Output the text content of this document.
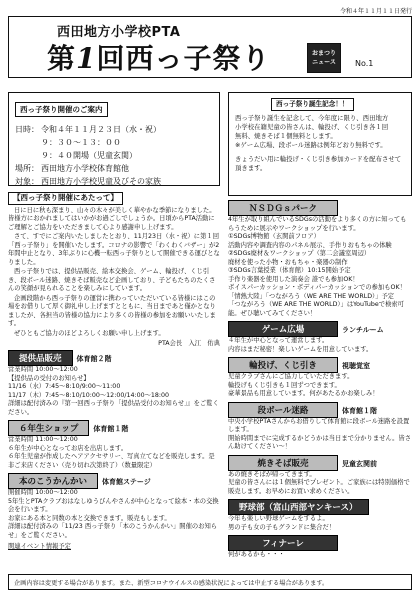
令和４年１１月１１日発行
西田地方小学校PTA
第1回西っ子祭り	おまつり
ニュース	No.1
西っ子祭り開催のご案内
日時： 令和４年１１月２３日（水・祝）
９：３０～１３：００
９：４０開場（児童玄関）
場所： 西田地方小学校体育館他
対象： 西田地方小学校児童及びその家族
西っ子祭り誕生記念！！
西っ子祭り誕生を記念して、今年度に限り、西田地方
小学校在籍児童の皆さんは、輪投げ、くじ引き各１回
無料、焼きそば１個無料とします。
※ゲーム広場、段ボール迷路は例年どおり無料です。
きょうだい用に輪投げ・くじ引き参加カードを配布させて
頂きます。
【西っ子祭り開催にあたって】

日に日に秋も深まり、山々の木々が美しく華やかな季節になりました。皆様方におかれましてはいかがお過ごしでしょうか。日頃からPTA活動にご理解とご協力をいただきまして心より感謝申し上げます。

さて、すでにご案内いたしましたとおり、11月23日（水・祝）に第１回「西っ子祭り」を開催いたします。コロナの影響で「わくわくバザー」が2年間中止となり、3年ぶりに心機一転西っ子祭りとして開催できる運びとなりました。

西っ子祭りでは、提供品販売、絵本交換会、ゲーム、輪投げ、くじ引き、段ボール迷路、焼きそば販売など企画しており、子どもたちのたくさんの笑顔が見られることを楽しみにしています。

企画段階から西っ子祭りの運営に携わっていただいている皆様にはこの場をお借りして厚く御礼申し上げますとともに、当日まであと僅かとなりましたが、各担当の皆様の協力により多くの皆様の参加をお願いいたします。

ぜひともご協力のほどよろしくお願い申し上げます。

PTA会長　入江　佑典
提供品販売 体育館２階
営業時間 10:00～12:00
【提供品の受付のお知らせ】
11/16（水）7:45～8:10/9:00～11:00
11/17（木）7:45～8:10/10:00～12:00/14:00～18:00
詳細は配付済みの『第一回西っ子祭り「提供品受付のお知らせ」』をご覧ください。
６年生ショップ 体育館１階
営業時間 11:00～12:00
６年生が中心となってお店を出店します。
６年生児童が作成したヘアアクセサリー、写真立てなどを販売します。是非ご来店ください（売り切れ次第終了）（数量限定）
本のこうかんかい 体育館ステージ
開催時間 10:00～12:00
5年生とPTAクラブおはなしゆうびんやさんが中心となって絵本・本の交換会を行います。
お家にある本と同数の本と交換できます。販売もします。
詳細は配付済みの「11/23 西っ子祭り「本のこうかんかい」開催のお知らせ」をご覧ください。
関連イベント情報予定
ＮＳＤＧｓパーク
4年生が取り組んでいるSDGsの活動をより多くの方に知ってもらうために展示やワークショップを行います。
①SDGs博物館（玄関前フロア）
活動内容や調査内容のパネル展示、手作りおもちゃの体験
②SDGs廃材＆ワークショップ（第二会議室周辺）
廃材を使った小物・おもちゃ・楽器の制作
③SDGs言葉授業（体育館）10:15開始予定
手作り楽器を使用した演奏会 誰でも参加OK！
ボイスパーカッション・ボディパーカッションでの参加もOK！
「情熱大陸」「つながろう（WE ARE THE WORLD）」予定
「つながろう（WE ARE THE WORLD）」はYouTubeで検索可能。ぜひ聴いてみてください！
ゲーム広場	ランチルーム
４年生が中心となって運営します。
内容はまだ秘密！楽しいゲームを用意しています。
輪投げ、くじ引き	視聴覚室
児童クラブさんにご協力していただきます。
輪投げもくじ引きも１回ずつできます。
豪華景品も用意しています。何があたるかお楽しみ！
段ボール迷路	体育館１階
中央小学校PTAさんからお借りして体育館に段ボール迷路を設置します。
開始時間までに完成するかどうかは当日まで分かりません。皆さん助けてください～！
焼きそば販売	児童玄関前
あの焼きそばが帰ってきます。
児童の皆さんには１個無料でプレゼント。ご家族には特別価格で販売します。お早めにお買い求めください。
野球部（富山西部ヤンキース）
今年も楽しい野球ゲームをするよ。
男の子も女の子もグランドに集合だ！
フィナーレ
何があるかも・・・
企画内容は変更する場合があります。また、新型コロナウイルスの感染状況によっては中止する場合があります。
